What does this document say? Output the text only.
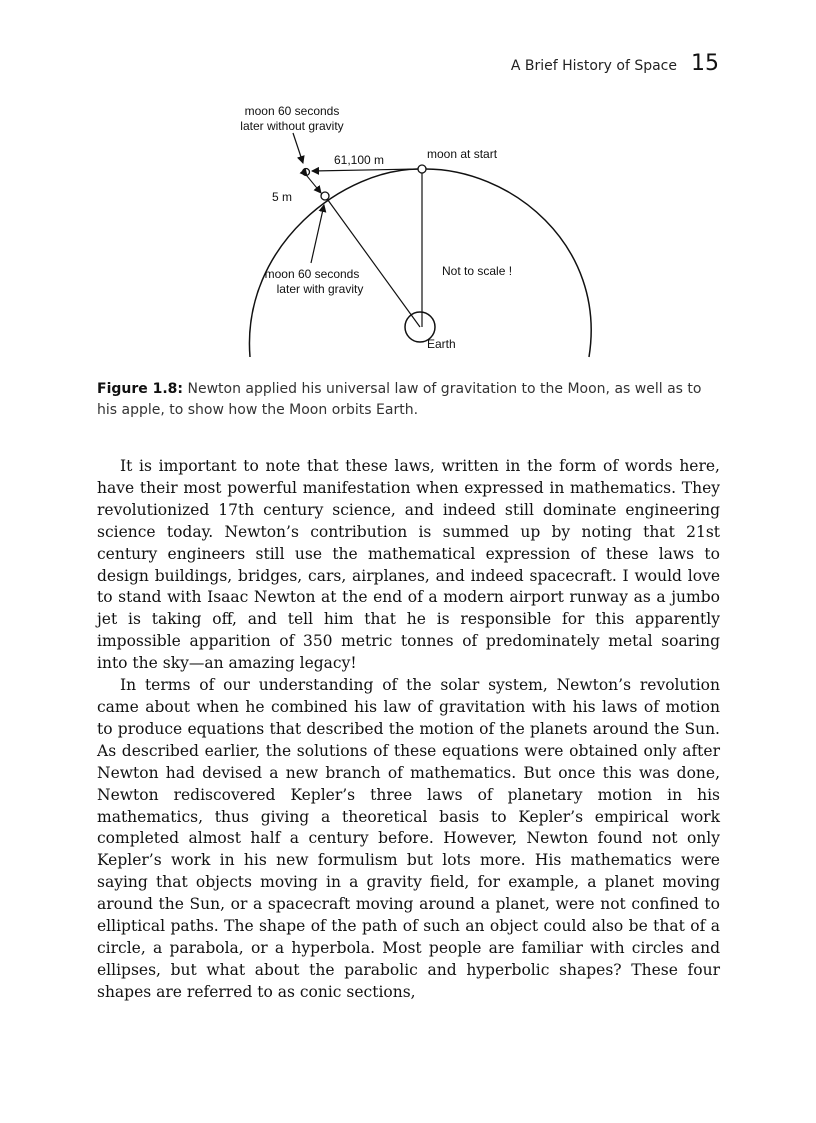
A Brief History of Space 15
moon 60 seconds
later without gravity
61,100 m	moon at start
5 m
moon 60 seconds
later with gravity
Not to scale !
Earth
Figure 1.8: Newton applied his universal law of gravitation to the Moon, as well as to his apple, to show how the Moon orbits Earth.

It is important to note that these laws, written in the form of words here, have their most powerful manifestation when expressed in mathematics. They revolutionized 17th century science, and indeed still dominate engineering science today. Newton’s contribution is summed up by noting that 21st century engineers still use the mathematical expression of these laws to design buildings, bridges, cars, airplanes, and indeed spacecraft. I would love to stand with Isaac Newton at the end of a modern airport runway as a jumbo jet is taking off, and tell him that he is responsible for this apparently impossible apparition of 350 metric tonnes of predominately metal soaring into the sky—an amazing legacy!

In terms of our understanding of the solar system, Newton’s revolution came about when he combined his law of gravitation with his laws of motion to produce equations that described the motion of the planets around the Sun. As described earlier, the solutions of these equations were obtained only after Newton had devised a new branch of mathematics. But once this was done, Newton rediscovered Kepler’s three laws of planetary motion in his mathematics, thus giving a theoretical basis to Kepler’s empirical work completed almost half a century before. However, Newton found not only Kepler’s work in his new formulism but lots more. His mathematics were saying that objects moving in a gravity field, for example, a planet moving around the Sun, or a spacecraft moving around a planet, were not confined to elliptical paths. The shape of the path of such an object could also be that of a circle, a parabola, or a hyperbola. Most people are familiar with circles and ellipses, but what about the parabolic and hyperbolic shapes? These four shapes are referred to as conic sections,
